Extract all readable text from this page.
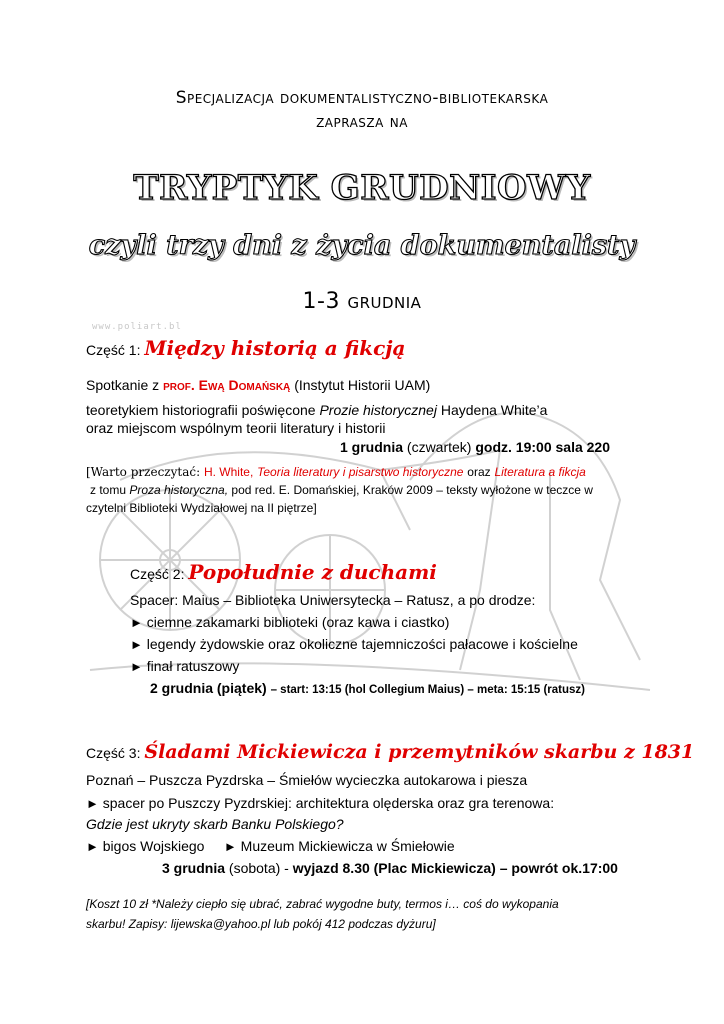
www.poliart.bl
Specjalizacja dokumentalistyczno-bibliotekarska
zaprasza na
TRYPTYK GRUDNIOWY
czyli trzy dni z życia dokumentalisty
1-3 grudnia
Część 1: Między historią a fikcją
Spotkanie z prof. Ewą Domańską (Instytut Historii UAM)
teoretykiem historiografii poświęcone Prozie historycznej Haydena White’a
oraz miejscom wspólnym teorii literatury i historii
1 grudnia (czwartek) godz. 19:00 sala 220
[Warto przeczytać: H. White, Teoria literatury i pisarstwo historyczne oraz Literatura a fikcja
z tomu Proza historyczna, pod red. E. Domańskiej, Kraków 2009 – teksty wyłożone w teczce w
czytelni Biblioteki Wydziałowej na II piętrze]
Część 2: Popołudnie z duchami
Spacer: Maius – Biblioteka Uniwersytecka – Ratusz, a po drodze:
► ciemne zakamarki biblioteki (oraz kawa i ciastko)
► legendy żydowskie oraz okoliczne tajemniczości pałacowe i kościelne
► finał ratuszowy
2 grudnia (piątek) – start: 13:15 (hol Collegium Maius) – meta: 15:15 (ratusz)
Część 3: Śladami Mickiewicza i przemytników skarbu z 1831
Poznań – Puszcza Pyzdrska – Śmiełów wycieczka autokarowa i piesza
► spacer po Puszczy Pyzdrskiej: architektura olęderska oraz gra terenowa:
Gdzie jest ukryty skarb Banku Polskiego?
► bigos Wojskiego ► Muzeum Mickiewicza w Śmiełowie
3 grudnia (sobota) - wyjazd 8.30 (Plac Mickiewicza) – powrót ok.17:00
[Koszt 10 zł *Należy ciepło się ubrać, zabrać wygodne buty, termos i… coś do wykopania
skarbu! Zapisy: lijewska@yahoo.pl lub pokój 412 podczas dyżuru]
